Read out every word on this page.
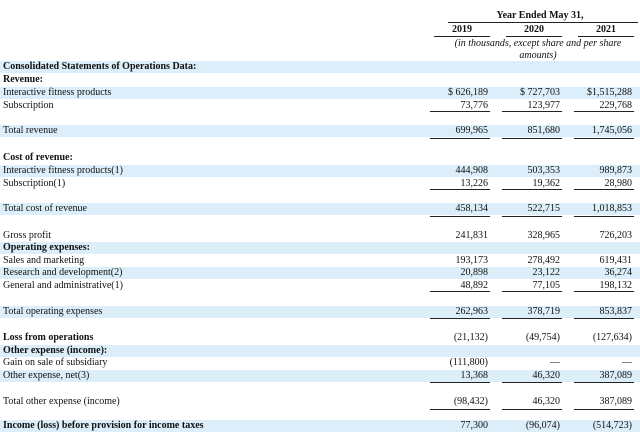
Year Ended May 31,
2019	2020	2021
(in thousands, except share and per share amounts)
Consolidated Statements of Operations Data:
Revenue:
Interactive fitness products	$ 626,189	$ 727,703	$1,515,288
Subscription	73,776	123,977	229,768
Total revenue	699,965	851,680	1,745,056
Cost of revenue:
Interactive fitness products(1)	444,908	503,353	989,873
Subscription(1)	13,226	19,362	28,980
Total cost of revenue	458,134	522,715	1,018,853
Gross profit	241,831	328,965	726,203
Operating expenses:
Sales and marketing	193,173	278,492	619,431
Research and development(2)	20,898	23,122	36,274
General and administrative(1)	48,892	77,105	198,132
Total operating expenses	262,963	378,719	853,837
Loss from operations	(21,132)	(49,754)	(127,634)
Other expense (income):
Gain on sale of subsidiary	(111,800)	—	—
Other expense, net(3)	13,368	46,320	387,089
Total other expense (income)	(98,432)	46,320	387,089
Income (loss) before provision for income taxes	77,300	(96,074)	(514,723)
